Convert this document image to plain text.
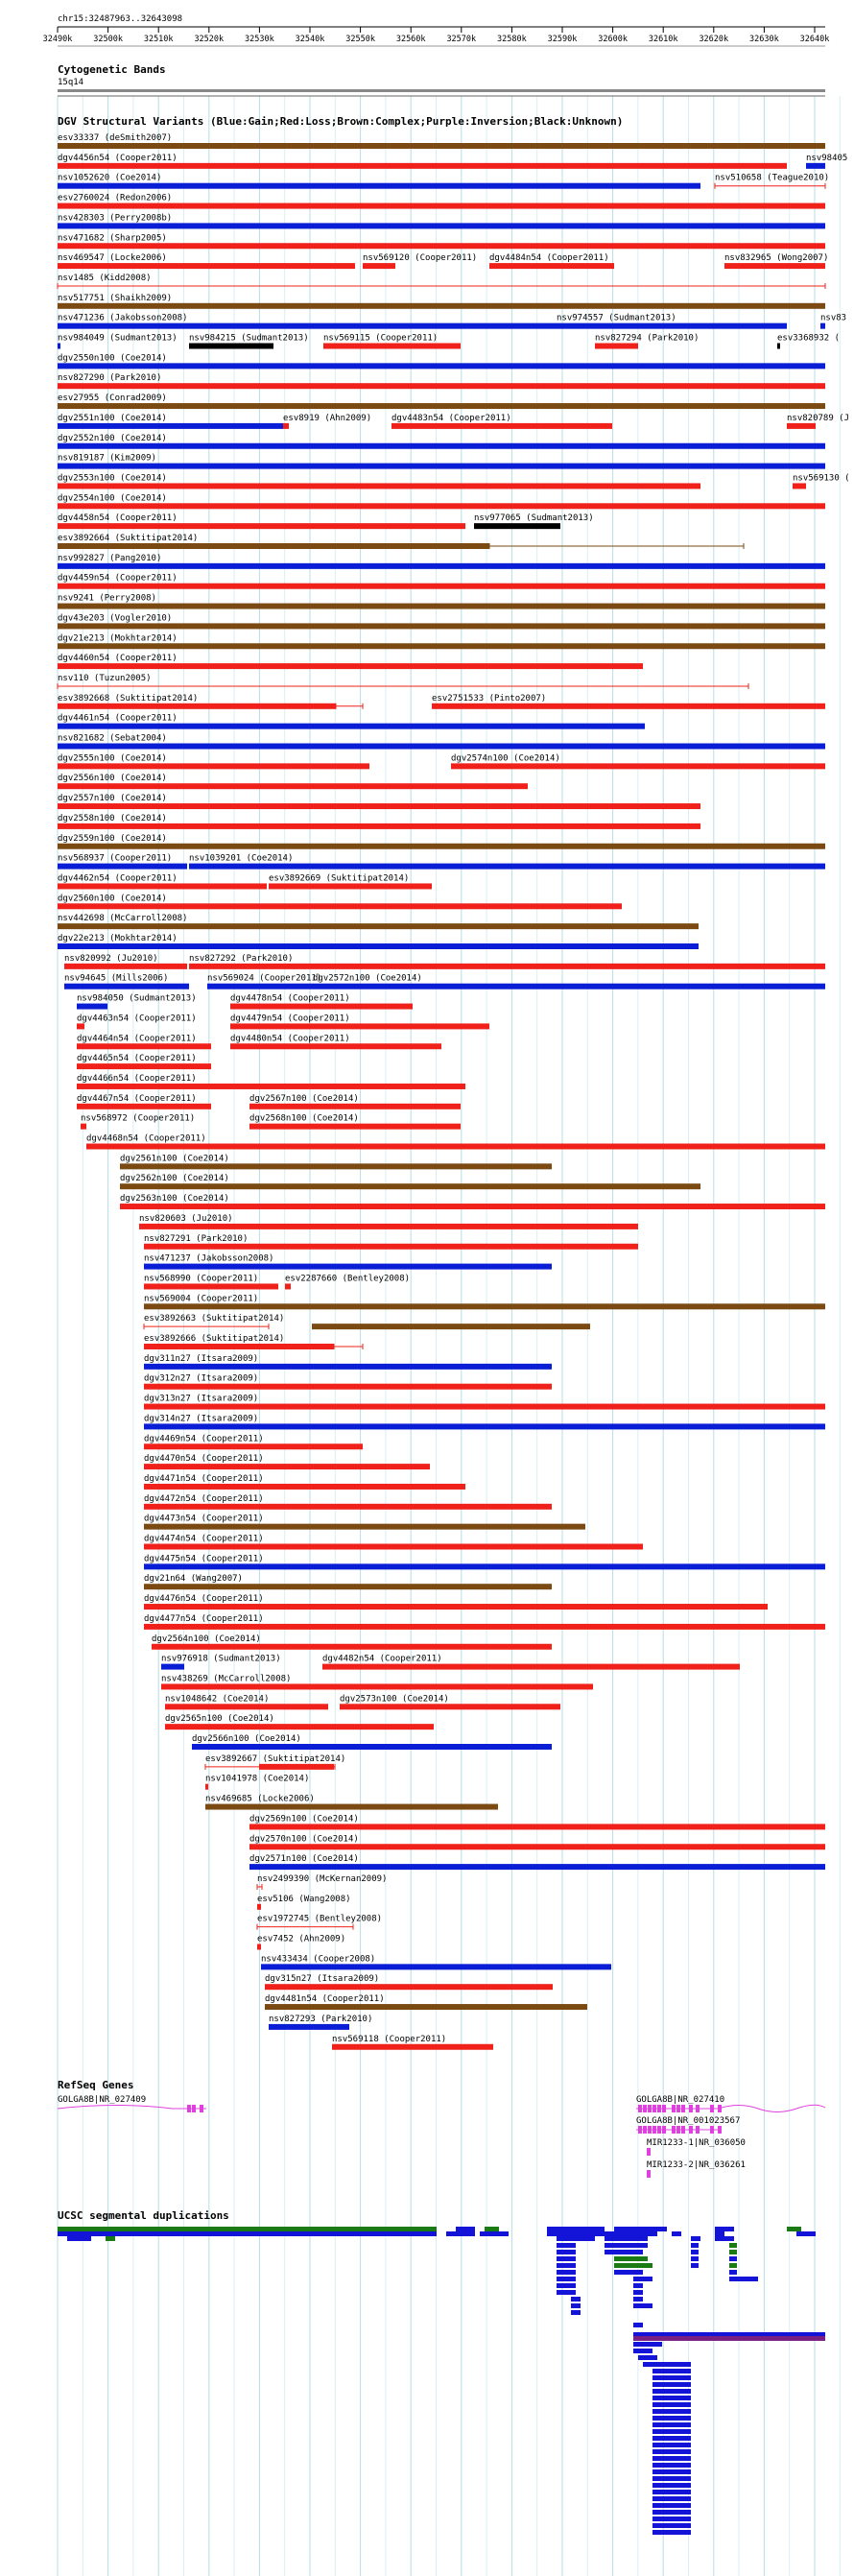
chr15:32487963..32643098
32490k	32500k	32510k	32520k	32530k	32540k	32550k	32560k	32570k	32580k	32590k	32600k	32610k	32620k	32630k	32640k
Cytogenetic Bands
15q14
DGV Structural Variants (Blue:Gain;Red:Loss;Brown:Complex;Purple:Inversion;Black:Unknown)
esv33337 (deSmith2007)
dgv4456n54 (Cooper2011)	nsv98405
nsv1052620 (Coe2014)	nsv510658 (Teague2010)
esv2760024 (Redon2006)
nsv428303 (Perry2008b)
nsv471682 (Sharp2005)
nsv469547 (Locke2006)	nsv569120 (Cooper2011) dgv4484n54 (Cooper2011)	nsv832965 (Wong2007)
nsv1485 (Kidd2008)
nsv517751 (Shaikh2009)
nsv471236 (Jakobsson2008)	nsv974557 (Sudmant2013)	nsv83
nsv984049 (Sudmant2013) nsv984215 (Sudmant2013) nsv569115 (Cooper2011)	nsv827294 (Park2010)	esv3368932 (
dgv2550n100 (Coe2014)
nsv827290 (Park2010)
esv27955 (Conrad2009)
dgv2551n100 (Coe2014)	esv8919 (Ahn2009) dgv4483n54 (Cooper2011)	nsv820789 (J
dgv2552n100 (Coe2014)
nsv819187 (Kim2009)
dgv2553n100 (Coe2014)	nsv569130 (
dgv2554n100 (Coe2014)
dgv4458n54 (Cooper2011)	nsv977065 (Sudmant2013)
esv3892664 (Suktitipat2014)
nsv992827 (Pang2010)
dgv4459n54 (Cooper2011)
nsv9241 (Perry2008)
dgv43e203 (Vogler2010)
dgv21e213 (Mokhtar2014)
dgv4460n54 (Cooper2011)
nsv110 (Tuzun2005)
esv3892668 (Suktitipat2014)	esv2751533 (Pinto2007)
dgv4461n54 (Cooper2011)
nsv821682 (Sebat2004)
dgv2555n100 (Coe2014)	dgv2574n100 (Coe2014)
dgv2556n100 (Coe2014)
dgv2557n100 (Coe2014)
dgv2558n100 (Coe2014)
dgv2559n100 (Coe2014)
nsv568937 (Cooper2011) nsv1039201 (Coe2014)
dgv4462n54 (Cooper2011)	esv3892669 (Suktitipat2014)
dgv2560n100 (Coe2014)
nsv442698 (McCarroll2008)
dgv22e213 (Mokhtar2014)
nsv820992 (Ju2010)	nsv827292 (Park2010)
nsv94645 (Mills2006)	nsv569024 (Cooper2011)
dgv2572n100 (Coe2014)
nsv984050 (Sudmant2013)	dgv4478n54 (Cooper2011)
dgv4463n54 (Cooper2011)	dgv4479n54 (Cooper2011)
dgv4464n54 (Cooper2011)	dgv4480n54 (Cooper2011)
dgv4465n54 (Cooper2011)
dgv4466n54 (Cooper2011)
dgv4467n54 (Cooper2011)	dgv2567n100 (Coe2014)
nsv568972 (Cooper2011)	dgv2568n100 (Coe2014)
dgv4468n54 (Cooper2011)
dgv2561n100 (Coe2014)
dgv2562n100 (Coe2014)
dgv2563n100 (Coe2014)
nsv820603 (Ju2010)
nsv827291 (Park2010)
nsv471237 (Jakobsson2008)
nsv568990 (Cooper2011)	esv2287660 (Bentley2008)
nsv569004 (Cooper2011)
esv3892663 (Suktitipat2014)
esv3892666 (Suktitipat2014)
dgv311n27 (Itsara2009)
dgv312n27 (Itsara2009)
dgv313n27 (Itsara2009)
dgv314n27 (Itsara2009)
dgv4469n54 (Cooper2011)
dgv4470n54 (Cooper2011)
dgv4471n54 (Cooper2011)
dgv4472n54 (Cooper2011)
dgv4473n54 (Cooper2011)
dgv4474n54 (Cooper2011)
dgv4475n54 (Cooper2011)
dgv21n64 (Wang2007)
dgv4476n54 (Cooper2011)
dgv4477n54 (Cooper2011)
dgv2564n100 (Coe2014)
nsv976918 (Sudmant2013)	dgv4482n54 (Cooper2011)
nsv438269 (McCarroll2008)
nsv1048642 (Coe2014)	dgv2573n100 (Coe2014)
dgv2565n100 (Coe2014)
dgv2566n100 (Coe2014)
esv3892667 (Suktitipat2014)
nsv1041978 (Coe2014)
nsv469685 (Locke2006)
dgv2569n100 (Coe2014)
dgv2570n100 (Coe2014)
dgv2571n100 (Coe2014)
nsv2499390 (McKernan2009)
esv5106 (Wang2008)
esv1972745 (Bentley2008)
esv7452 (Ahn2009)
nsv433434 (Cooper2008)
dgv315n27 (Itsara2009)
dgv4481n54 (Cooper2011)
nsv827293 (Park2010)
nsv569118 (Cooper2011)
RefSeq Genes
GOLGA8B|NR_027409	GOLGA8B|NR_027410
GOLGA8B|NR_001023567
MIR1233-1|NR_036050
MIR1233-2|NR_036261
UCSC segmental duplications
